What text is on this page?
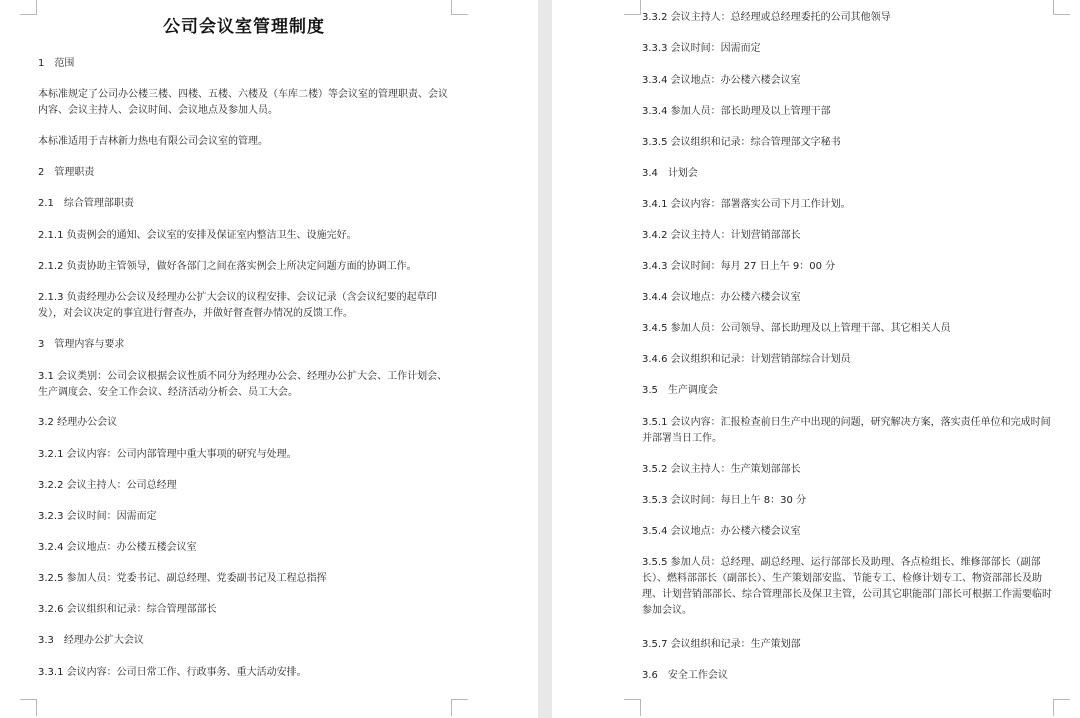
公司会议室管理制度

1　范围

本标准规定了公司办公楼三楼、四楼、五楼、六楼及（车库二楼）等会议室的管理职责、会议内容、会议主持人、会议时间、会议地点及参加人员。

本标准适用于吉林新力热电有限公司会议室的管理。

2　管理职责

2.1　综合管理部职责

2.1.1 负责例会的通知、会议室的安排及保证室内整洁卫生、设施完好。

2.1.2 负责协助主管领导，做好各部门之间在落实例会上所决定问题方面的协调工作。

2.1.3 负责经理办公会议及经理办公扩大会议的议程安排、会议记录（含会议纪要的起草印发），对会议决定的事宜进行督查办，并做好督查督办情况的反馈工作。

3　管理内容与要求

3.1 会议类别：公司会议根据会议性质不同分为经理办公会、经理办公扩大会、工作计划会、生产调度会、安全工作会议、经济活动分析会、员工大会。

3.2 经理办公会议

3.2.1 会议内容：公司内部管理中重大事项的研究与处理。

3.2.2 会议主持人：公司总经理

3.2.3 会议时间：因需而定

3.2.4 会议地点：办公楼五楼会议室

3.2.5 参加人员：党委书记、副总经理、党委副书记及工程总指挥

3.2.6 会议组织和记录：综合管理部部长

3.3　经理办公扩大会议

3.3.1 会议内容：公司日常工作、行政事务、重大活动安排。

3.3.2 会议主持人：总经理或总经理委托的公司其他领导

3.3.3 会议时间：因需而定

3.3.4 会议地点：办公楼六楼会议室

3.3.4 参加人员：部长助理及以上管理干部

3.3.5 会议组织和记录：综合管理部文字秘书

3.4　计划会

3.4.1 会议内容：部署落实公司下月工作计划。

3.4.2 会议主持人：计划营销部部长

3.4.3 会议时间：每月 27 日上午 9：00 分

3.4.4 会议地点：办公楼六楼会议室

3.4.5 参加人员：公司领导、部长助理及以上管理干部、其它相关人员

3.4.6 会议组织和记录：计划营销部综合计划员

3.5　生产调度会

3.5.1 会议内容：汇报检查前日生产中出现的问题，研究解决方案，落实责任单位和完成时间并部署当日工作。

3.5.2 会议主持人：生产策划部部长

3.5.3 会议时间：每日上午 8：30 分

3.5.4 会议地点：办公楼六楼会议室

3.5.5 参加人员：总经理、副总经理、运行部部长及助理、各点检组长、维修部部长（副部长）、燃料部部长（副部长）、生产策划部安监、节能专工、检修计划专工、物资部部长及助理、计划营销部部长、综合管理部长及保卫主管，公司其它职能部门部长可根据工作需要临时参加会议。

3.5.7 会议组织和记录：生产策划部

3.6　安全工作会议
